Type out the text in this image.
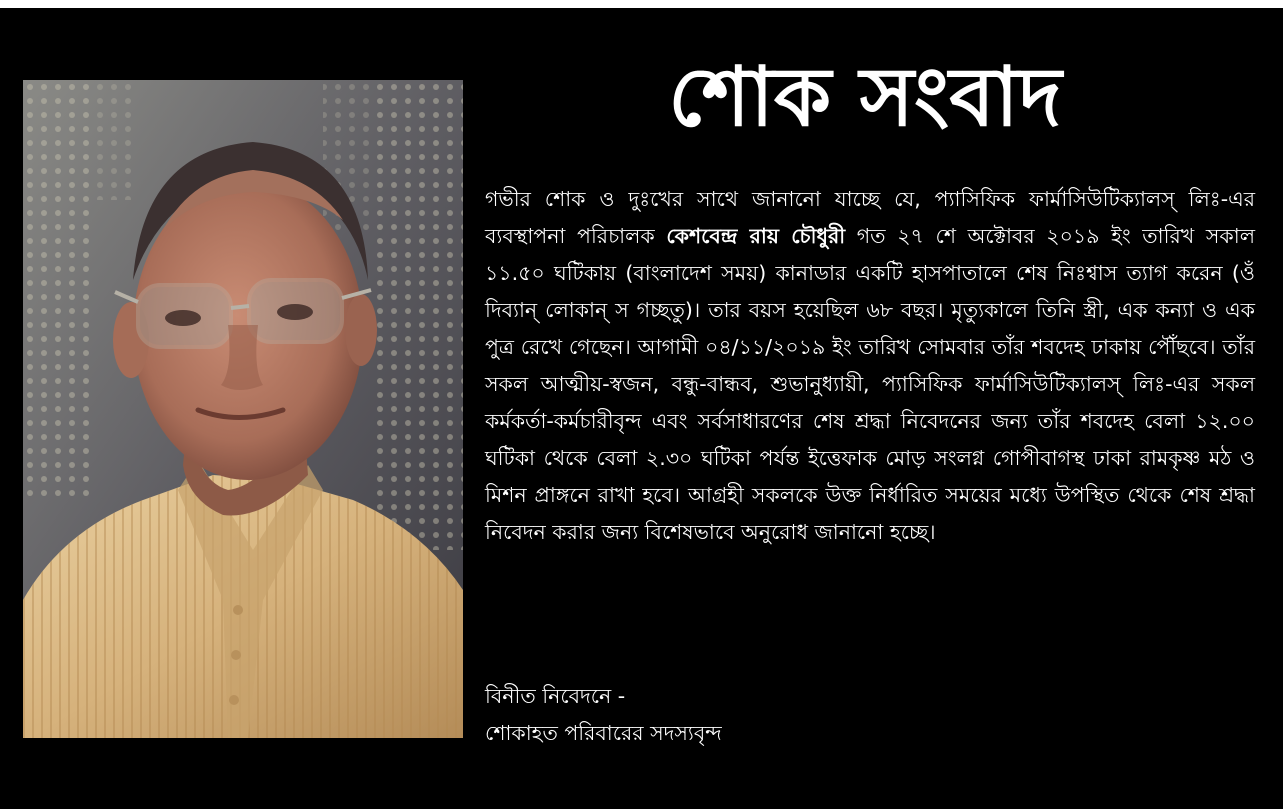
শোক সংবাদ

গভীর শোক ও দুঃখের সাথে জানানো যাচ্ছে যে, প্যাসিফিক ফার্মাসিউটিক্যালস্ লিঃ-এর ব্যবস্থাপনা পরিচালক কেশবেন্দ্র রায় চৌধুরী গত ২৭ শে অক্টোবর ২০১৯ ইং তারিখ সকাল ১১.৫০ ঘটিকায় (বাংলাদেশ সময়) কানাডার একটি হাসপাতালে শেষ নিঃশ্বাস ত্যাগ করেন (ওঁ দিব্যান্ লোকান্ স গচ্ছতু)। তার বয়স হয়েছিল ৬৮ বছর। মৃত্যুকালে তিনি স্ত্রী, এক কন্যা ও এক পুত্র রেখে গেছেন। আগামী ০৪/১১/২০১৯ ইং তারিখ সোমবার তাঁর শবদেহ ঢাকায় পৌঁছবে। তাঁর সকল আত্মীয়-স্বজন, বন্ধু-বান্ধব, শুভানুধ্যায়ী, প্যাসিফিক ফার্মাসিউটিক্যালস্ লিঃ-এর সকল কর্মকর্তা-কর্মচারীবৃন্দ এবং সর্বসাধারণের শেষ শ্রদ্ধা নিবেদনের জন্য তাঁর শবদেহ বেলা ১২.০০ ঘটিকা থেকে বেলা ২.৩০ ঘটিকা পর্যন্ত ইত্তেফাক মোড় সংলগ্ন গোপীবাগস্থ ঢাকা রামকৃষ্ণ মঠ ও মিশন প্রাঙ্গনে রাখা হবে। আগ্রহী সকলকে উক্ত নির্ধারিত সময়ের মধ্যে উপস্থিত থেকে শেষ শ্রদ্ধা নিবেদন করার জন্য বিশেষভাবে অনুরোধ জানানো হচ্ছে।

বিনীত নিবেদনে -
শোকাহত পরিবারের সদস্যবৃন্দ
